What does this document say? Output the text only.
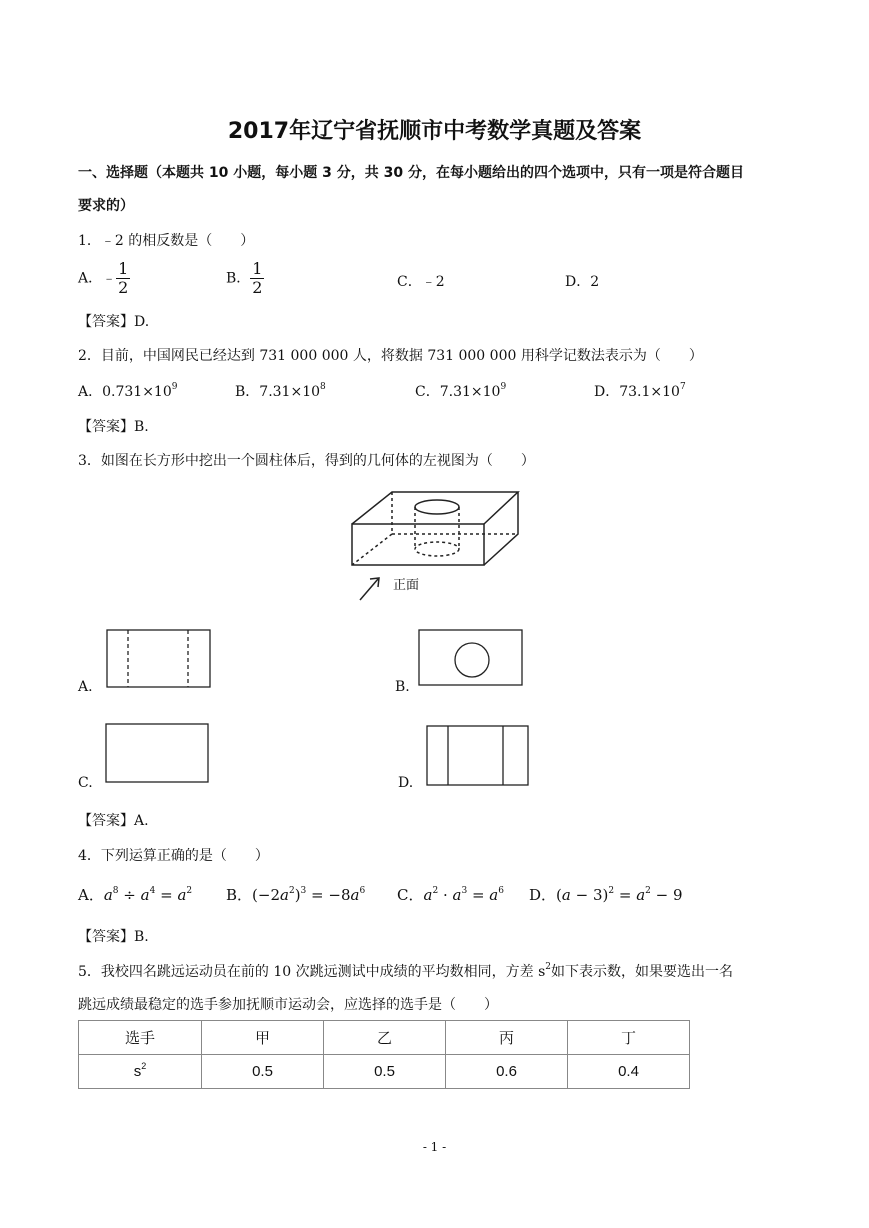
2017年辽宁省抚顺市中考数学真题及答案
一、选择题（本题共 10 小题，每小题 3 分，共 30 分，在每小题给出的四个选项中，只有一项是符合题目
要求的）
1．﹣2 的相反数是（　　）
A．﹣ $\frac{1}{2}$	B． $\frac{1}{2}$	C．﹣2	D．2
【答案】D.
2．目前，中国网民已经达到 731 000 000 人，将数据 731 000 000 用科学记数法表示为（　　）
A．$0.731\times 10^9$	B．$7.31\times 10^8$	C．$7.31\times 10^9$	D．$73.1\times 10^7$
【答案】B.
3．如图在长方形中挖出一个圆柱体后，得到的几何体的左视图为（　　）
正面
A.	B.
C.	D.
【答案】A.
4．下列运算正确的是（　　）
A．$a^8 \div a^4 = a^2$ B．$(-2a^2)^3 = -8a^6$ C．$a^2 \cdot a^3 = a^6$ D．$(a - 3)^2 = a^2 - 9$
【答案】B.
5．我校四名跳远运动员在前的 10 次跳远测试中成绩的平均数相同，方差 $s^2$如下表示数，如果要选出一名
跳远成绩最稳定的选手参加抚顺市运动会，应选择的选手是（　　）
选手	甲	乙	丙	丁
$s^2$	0.5	0.5	0.6	0.4
- 1 -
